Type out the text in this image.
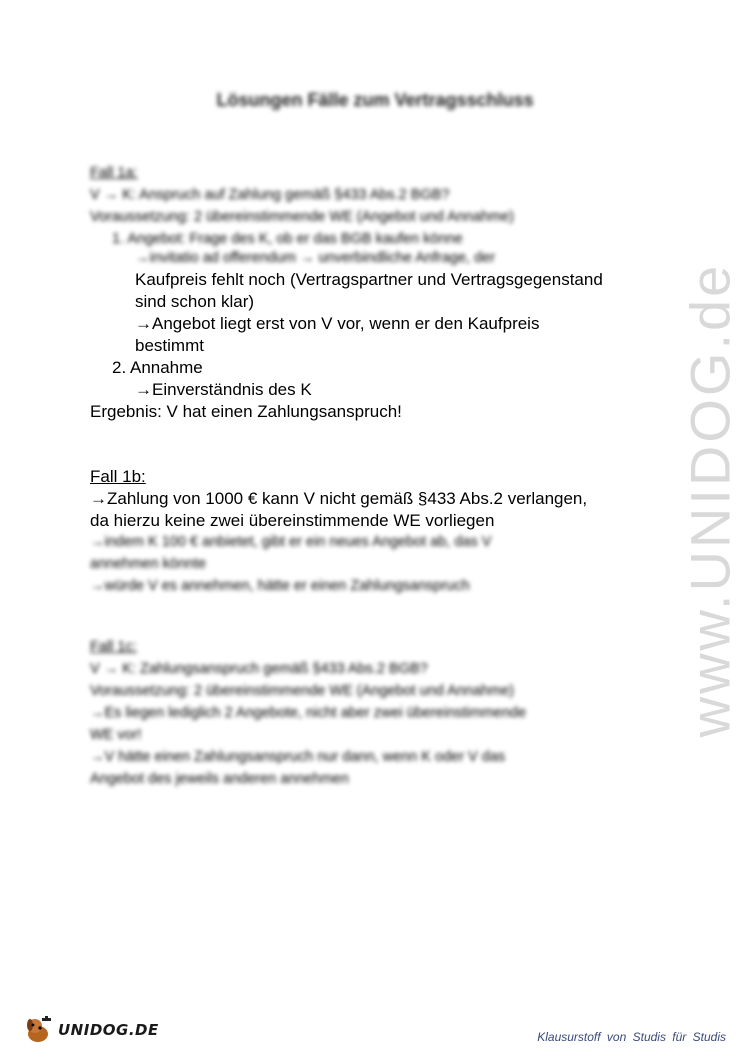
www.UNIDOG.de
Lösungen Fälle zum Vertragsschluss
Fall 1a:
V → K: Anspruch auf Zahlung gemäß §433 Abs.2 BGB?
Voraussetzung: 2 übereinstimmende WE (Angebot und Annahme)
1. Angebot: Frage des K, ob er das BGB kaufen könne
→invitatio ad offerendum → unverbindliche Anfrage, der
Kaufpreis fehlt noch (Vertragspartner und Vertragsgegenstand
sind schon klar)
→Angebot liegt erst von V vor, wenn er den Kaufpreis
bestimmt
2. Annahme
→Einverständnis des K
Ergebnis: V hat einen Zahlungsanspruch!
Fall 1b:
→Zahlung von 1000 € kann V nicht gemäß §433 Abs.2 verlangen,
da hierzu keine zwei übereinstimmende WE vorliegen
→indem K 100 € anbietet, gibt er ein neues Angebot ab, das V
annehmen könnte
→würde V es annehmen, hätte er einen Zahlungsanspruch
Fall 1c:
V → K: Zahlungsanspruch gemäß §433 Abs.2 BGB?
Voraussetzung: 2 übereinstimmende WE (Angebot und Annahme)
→Es liegen lediglich 2 Angebote, nicht aber zwei übereinstimmende
WE vor!
→V hätte einen Zahlungsanspruch nur dann, wenn K oder V das
Angebot des jeweils anderen annehmen
UNIDOG.DE	Klausurstoff von Studis für Studis
